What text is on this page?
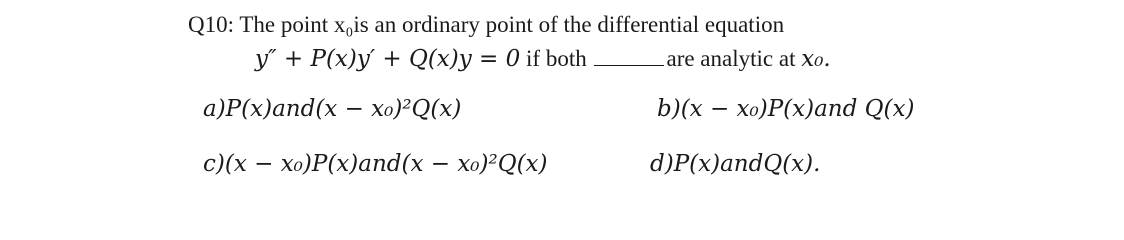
Q10: The point x₀is an ordinary point of the differential equation
y″ + P(x)y′ + Q(x)y = 0 if both	are analytic at x₀.
a)P(x)and(x − x₀)²Q(x)	b)(x − x₀)P(x)and Q(x)
c)(x − x₀)P(x)and(x − x₀)²Q(x)	d)P(x)andQ(x).
